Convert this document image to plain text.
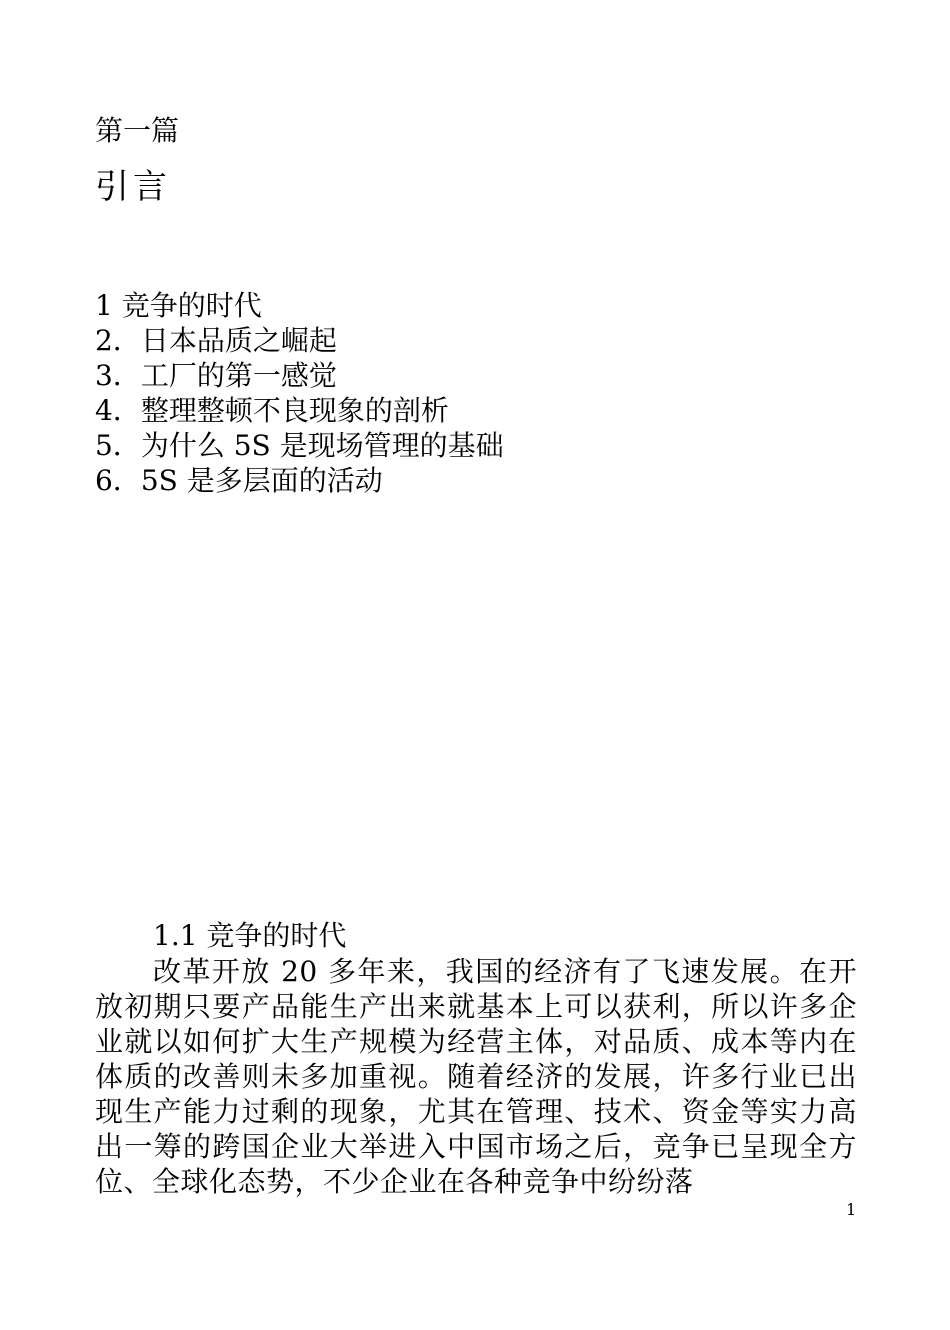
第一篇
引言
1 竞争的时代
2．日本品质之崛起
3．工厂的第一感觉
4．整理整顿不良现象的剖析
5．为什么 5S 是现场管理的基础
6．5S 是多层面的活动
1.1 竞争的时代

改革开放 20 多年来，我国的经济有了飞速发展。在开放初期只要产品能生产出来就基本上可以获利，所以许多企业就以如何扩大生产规模为经营主体，对品质、成本等内在体质的改善则未多加重视。随着经济的发展，许多行业已出现生产能力过剩的现象，尤其在管理、技术、资金等实力高出一筹的跨国企业大举进入中国市场之后，竞争已呈现全方位、全球化态势，不少企业在各种竞争中纷纷落

1
